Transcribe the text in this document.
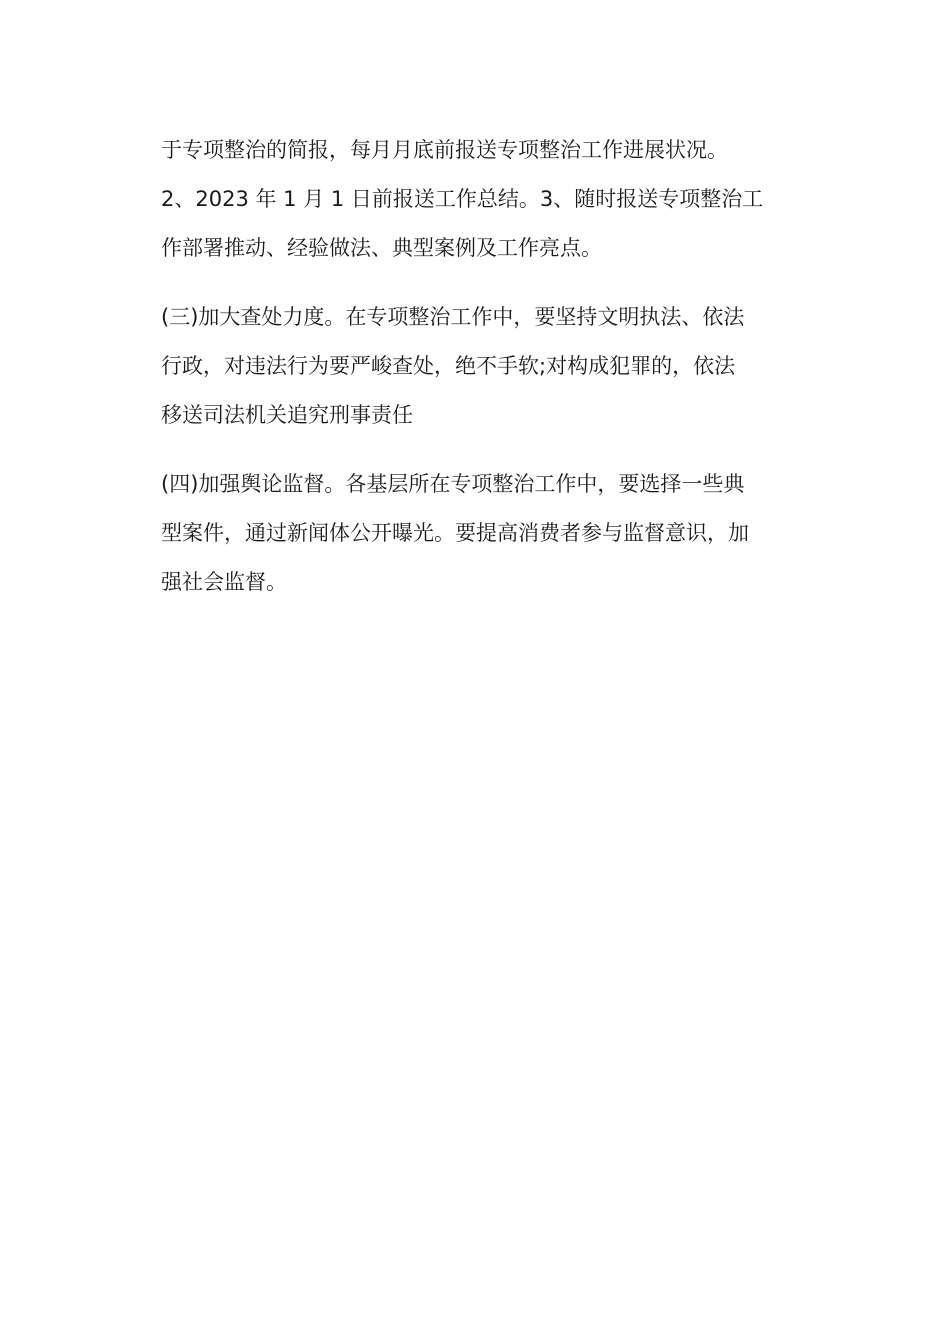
于专项整治的简报，每月月底前报送专项整治工作进展状况。
2、2023 年 1 月 1 日前报送工作总结。3、随时报送专项整治工
作部署推动、经验做法、典型案例及工作亮点。
(三)加大查处力度。在专项整治工作中，要坚持文明执法、依法
行政，对违法行为要严峻查处，绝不手软;对构成犯罪的，依法
移送司法机关追究刑事责任
(四)加强舆论监督。各基层所在专项整治工作中，要选择一些典
型案件，通过新闻体公开曝光。要提高消费者参与监督意识，加
强社会监督。
